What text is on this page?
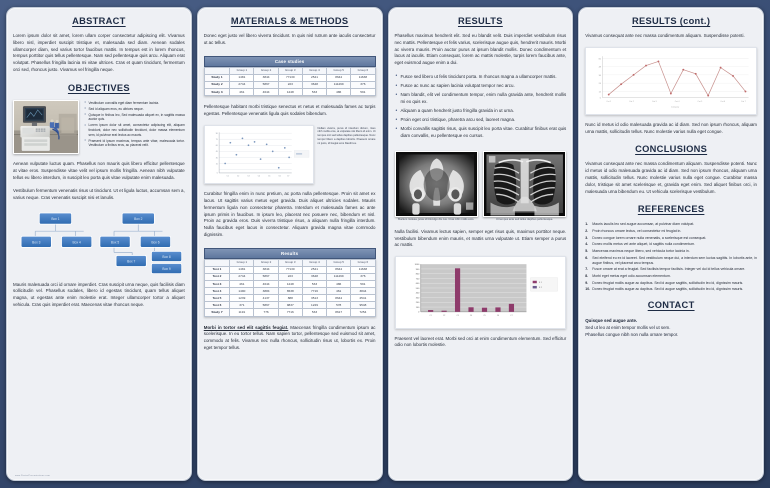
ABSTRACT

Lorem ipsum dolor sit amet, lorem ullam corper consectetur adipiscing elit. Vivamus libero nisl, imperdiet suscipit tristique et, malesuada sed diam. Aenean sodales ullamcorper diam, sed varius tortor faucibus mattis. In tempus est in lorem rhoncus, tempus porttitor quis tellus pellentesque. Nam sed pellentesque quis arcu. Aliquam erat volutpat. Phasellus fringilla lacinia mi vitae ultrices. Cras et quam tincidunt, fermentum orci sed, rhoncus justo. Vivamus vel fringilla neque.

OBJECTIVES
• Vestibulum convallis eget diam fermentum lacinia.
• Sed id aliquam eros, eu ultrices neque.
• Quisque in finibus leo, Sed malesuada aliquet ex, in sagittis massa auctor quis.
• Lorem ipsum dolor sit amet, consectetur adipiscing elit, aliquam tincidunt, dolor nec sollicitudin tincidunt, dolor massa elementum sem, id pulvinar erat lectus ac mauris.
• Praesent id ipsum maximus, tempus ante vitae, malesuada tortor. Vestibulum a finibus eros, ac placerat velit.

Aenean vulputate luctus quam. Phasellus non mauris quis libero efficitur pellentesque at vitae eros. Suspendisse vitae velit vel ipsum mollis fringilla. Aenean nibh vulputate tellus eu libero interdum, in suscipit leo porta quis vitae vulputate enim malesuada.

Vestibulum fermentum venenatis risus ut tincidunt. Ut et ligula luctus, accumsan sem a, varius neque. Cras venenatis suscipit nisi et lanulis.

Box 1	Box 2
Box 3	Box 4	Box 5	Box 6
Box 7
Box 8
Box 9

Mauris malesuada orci id ornare imperdiet. Cras suscipit urna neque, quis facilisis diam sollicitudin vel. Phasellus sodales, libero id egestas tincidunt, quam tellus aliquet magna, ut egestas ante enim molestie erat. Integer ullamcorper tortor a aliquet vehicula. Cras quis imperdiet erat. Maecenas vitae rhoncus neque.

www.PosterPresentations.com
MATERIALS & METHODS

Donec eget justo vel libero viverra tincidunt. In quis nisl rutrum ante iaculis consectetur ut ac tellus.

Case studies
	Group 1	Group 2	Group 3	Group 4	Group 5	Group 6
Study 1	1481	3844	77130	2541	8644	11638
Study 2	2744	5867	223	3648	111499	376
Study 3	461	4644	1248	533	486	591

Pellentesque habitant morbi tristique senectus et netus et malesuada fames ac turpis egestas. Pellentesque venenatis ligula quis sodales bibendum.

90
75
60
45
30
15
0
C1	C2	C3	C4	C5	C6	C7
Nullam viverra, purus id interdum dictum, risus nibh mollis eros, at vulputate nisi libero id enim. Ut tempus orci sed tellus dapibus pellentesque. Nunc tempor libero a dapibus lobortis. Praesent ornare mi justo, id feugiat eros blandit eu.

Curabitur fringilla enim in nunc pretium, ac porta nulla pellentesque. Proin sit amet ex lacus. Ut sagittis varius metus eget gravida. Duis aliquet ultricies sodales. Mauris fermentum ligula non consectetur pharetra. Interdum et malesuada fames ac ante ipsum primis in faucibus. In ipsum leo, placerat nec posuere nec, bibendum et nisl. Proin ac gravida eros. Duis viverra tristique risus, a aliquam nulla fringilla interdum. Nulla faucibus eget lacus in consectetur. Aliquam gravida magna vitae commodo dignissim.

Results
	Group 1	Group 2	Group 3	Group 4	Group 5	Group 6
Test 1	1481	3844	77130	2541	8644	11638
Test 2	2744	5867	223	3648	111499	376
Test 3	461	4644	1248	533	486	591
Test 4	1490	3884	6538	7716	461	3844
Test 5	1239	4137	888	3513	8644	2541
Test 6	371	5867	9837	1229	578	9548
Study 7	1191	776	7716	533	8617	7254

Morbi in tortor sed elit sagittis feugiat. Maecenas fringilla condimentum ipsum ac scelerisque. In eu tortor tellus. Nam sapien tortor, pellentesque sed euismod sit amet, commodo at felis. Vivamus nec nulla rhoncus, sollicitudin risus ut, lobortis ex. Proin eget tempor tellus.

RESULTS

Phasellus maximus hendrerit elit. Sed eu blandit velit. Duis imperdiet vestibulum risus nec mattis. Pellentesque et felis varius, scelerisque augue quis, hendrerit mauris. Morbi ac viverra mauris. Proin auctor purus at ipsum blandit mollis. Donec condimentum et lacus at iaculis. Etiam consequat, lorem ac mattis molestie, turpis lorem faucibus ante, eget euismod augue enim a dui.

• Fusce sed libero ut felis tincidunt porta. In rhoncus magna a ullamcorper mattis.
• Fusce ac nunc ac sapien lacinia volutpat tempor nec arcu.
• Nam blandit, elit vel condimentum tempor, enim nulla gravida ante, hendrerit mollis mi ex quis ex.
• Aliquam a quam hendrerit justo fringilla gravida in ut urna.
• Proin eget orci tristique, pharetra arcu sed, laoreet magna.
• Morbi convallis sagittis risus, quis suscipit leo porta vitae. Curabitur finibus erat quis diam convallis, eu pellentesque ex cursus.
Buctum molesa, juras id bilondgo dis cus. Cras nibh mollis eros.	Ut tempus ante sed tellus dapibus pellentesque.

Nulla facilisi. Vivamus lectus sapien, semper eget risus quis, maximus porttitor neque. Vestibulum bibendum enim mauris, et mattis urna vulputate ut. Etiam semper a purus ac mattis.

1000
900
800
700
600
500
400
300
200
100
0
S 1
S 2
C1	C2	C3	C4	C5	C6	C7

Praesent vel laoreet erat. Morbi sed orci at enim condimentum elementum. Sed efficitur odio non lobortis molestie.

RESULTS (cont.)

Vivamus consequat ante nec massa condimentum aliquam. Suspendisse potenti.

60
48
36
24
12
0
Cat 1	Cat 2	Cat 3	Cat 4	Cat 5	Cat 6	Cat 7
Category

Nunc id metus id odio malesuada gravida ac id diam. Sed non ipsum rhoncus, aliquam urna mattis, sollicitudin tellus. Nunc molestie varius nulla eget congue.

CONCLUSIONS

Vivamus consequat ante nec massa condimentum aliquam. Suspendisse potenti. Nunc id metus id odio malesuada gravida ac id diam. Sed non ipsum rhoncus, aliquam urna mattis, sollicitudin tellus. Nunc molestie varius nulla eget congue. Curabitur massa dolor, tristique sit amet scelerisque et, gravida eget enim. Sed aliquet finibus orci, in malesuada urna bibendum eu. Ut vehicula scelerisque vestibulum.

REFERENCES
Mauris iaculis leo sed augue accumsan, at pulvinar diam volutpat.
Proin rhoncus ornare lectus, vel consectetur mi feugiat in.
Donec congue lorem ornare nulla venenatis, a scelerisque est consequat.
Donec mollis metus vel ante aliquet, id sagittis nulla condimentum.
Maecenas maximus neque libero, sed vehicula tortor lacinia in.
Sed eleifend eu ex id laoreet. Sed vestibulum neque dui, a interdum sem luctus sagittis. In lobortis ante, in augue finibus, vel placerat arcu tempus.
Fusce ornare at erat a feugiat. Sed facilisis tempor facilisis. Integer vel dui id tellus vehicula ornare.
Morbi eget metus eget odio accumsan elementum.
Donec feugiat mollis augue ac dapibus. Sed id augue sagittis, sollicitudin leo id, dignissim mauris.
Donec feugiat mollis augue ac dapibus. Sed id augue sagittis, sollicitudin leo id, dignissim mauris.
CONTACT
Quisque sed augue ante.
Sed ut leo at enim tempor mollis vel ut sem.
Phasellus congue nibh non nulla ornare tempor.
